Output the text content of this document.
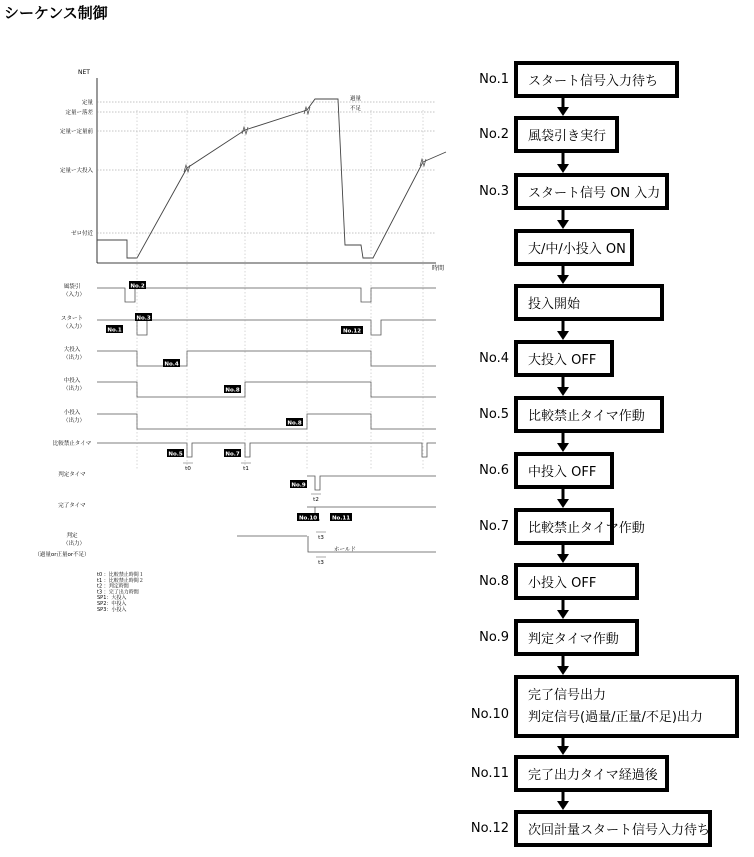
シーケンス制御
NET
時間
定量
定量ー落差
定量ー定量前
定量ー大投入
ゼロ付近
過量
不足
風袋引
（入力）
スタート
（入力）
大投入
（出力）
中投入
（出力）
小投入
（出力）
比較禁止タイマ
判定タイマ
完了タイマ
判定
（出力）
（過量or正量or不足）
No.1
No.2
No.3
No.4
No.5
No.8
No.7
No.8
No.9
No.10	No.11
No.12
t0	t1
t2
t3
t3
ホールド
t0 ：比較禁止時間１
t1 ：比較禁止時間２
t2 ：判定時間
t3 ：完了出力時間
SP1：大投入
SP2：中投入
SP3：小投入
No.1 スタート信号入力待ち
No.2 風袋引き実行
No.3 スタート信号 ON 入力
大/中/小投入 ON
投入開始
No.4 大投入 OFF
No.5 比較禁止タイマ作動
No.6 中投入 OFF
No.7 比較禁止タイマ作動
No.8 小投入 OFF
No.9 判定タイマ作動
No.10
完了信号出力
判定信号(過量/正量/不足)出力
No.11 完了出力タイマ経過後
No.12 次回計量スタート信号入力待ち
